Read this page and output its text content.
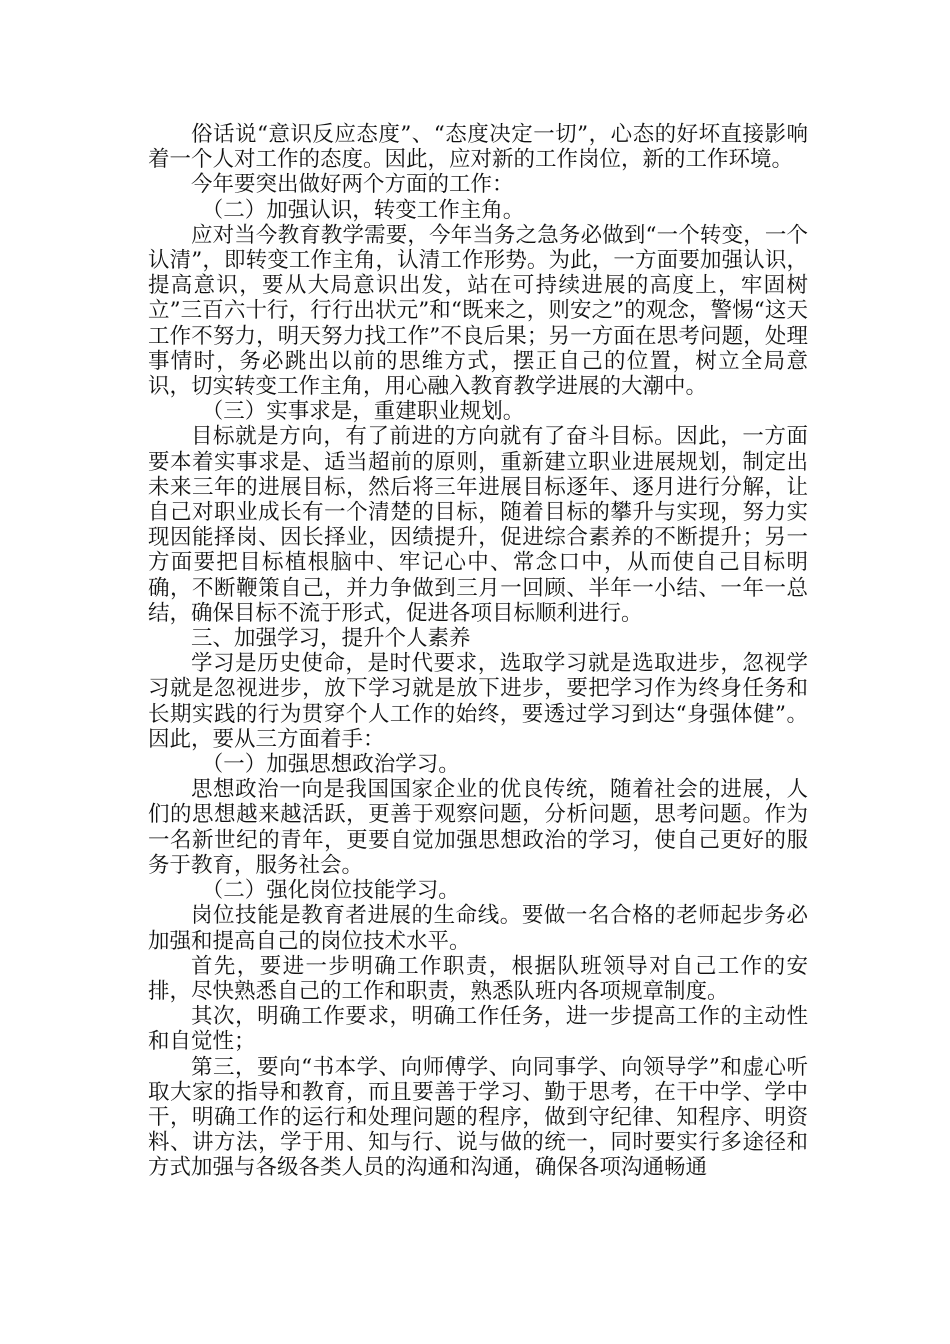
俗话说“意识反应态度”、“态度决定一切”，心态的好坏直接影响着一个人对工作的态度。因此，应对新的工作岗位，新的工作环境。

今年要突出做好两个方面的工作：

（二）加强认识，转变工作主角。

应对当今教育教学需要，今年当务之急务必做到“一个转变，一个认清”，即转变工作主角，认清工作形势。为此，一方面要加强认识，提高意识，要从大局意识出发，站在可持续进展的高度上，牢固树立”三百六十行，行行出状元”和“既来之，则安之”的观念，警惕“这天工作不努力，明天努力找工作”不良后果；另一方面在思考问题，处理事情时，务必跳出以前的思维方式，摆正自己的位置，树立全局意识，切实转变工作主角，用心融入教育教学进展的大潮中。

（三）实事求是，重建职业规划。

目标就是方向，有了前进的方向就有了奋斗目标。因此，一方面要本着实事求是、适当超前的原则，重新建立职业进展规划，制定出未来三年的进展目标，然后将三年进展目标逐年、逐月进行分解，让自己对职业成长有一个清楚的目标，随着目标的攀升与实现，努力实现因能择岗、因长择业，因绩提升，促进综合素养的不断提升；另一方面要把目标植根脑中、牢记心中、常念口中，从而使自己目标明确，不断鞭策自己，并力争做到三月一回顾、半年一小结、一年一总结，确保目标不流于形式，促进各项目标顺利进行。

三、加强学习，提升个人素养

学习是历史使命，是时代要求，选取学习就是选取进步，忽视学习就是忽视进步，放下学习就是放下进步，要把学习作为终身任务和长期实践的行为贯穿个人工作的始终，要透过学习到达“身强体健”。因此，要从三方面着手：

（一）加强思想政治学习。

思想政治一向是我国国家企业的优良传统，随着社会的进展，人们的思想越来越活跃，更善于观察问题，分析问题，思考问题。作为一名新世纪的青年，更要自觉加强思想政治的学习，使自己更好的服务于教育，服务社会。

（二）强化岗位技能学习。

岗位技能是教育者进展的生命线。要做一名合格的老师起步务必加强和提高自己的岗位技术水平。

首先，要进一步明确工作职责，根据队班领导对自己工作的安排，尽快熟悉自己的工作和职责，熟悉队班内各项规章制度。

其次，明确工作要求，明确工作任务，进一步提高工作的主动性和自觉性；

第三，要向“书本学、向师傅学、向同事学、向领导学”和虚心听取大家的指导和教育，而且要善于学习、勤于思考，在干中学、学中干，明确工作的运行和处理问题的程序，做到守纪律、知程序、明资料、讲方法，学于用、知与行、说与做的统一，同时要实行多途径和方式加强与各级各类人员的沟通和沟通，确保各项沟通畅通
